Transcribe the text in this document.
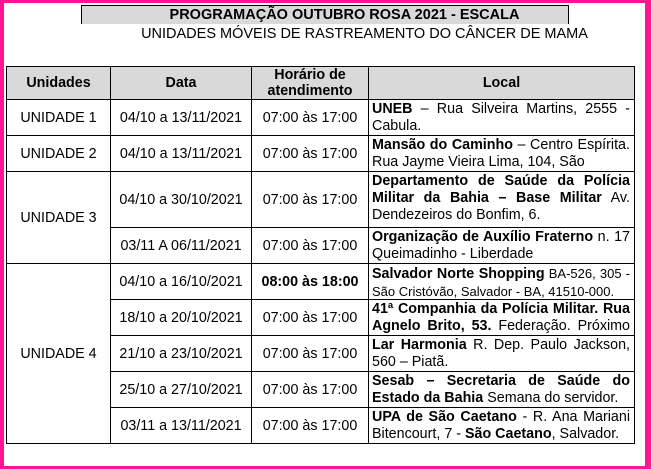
PROGRAMAÇÃO OUTUBRO ROSA 2021 - ESCALA
UNIDADES MÓVEIS DE RASTREAMENTO DO CÂNCER DE MAMA
Unidades	Data	Horário de atendimento	Local
UNIDADE 1	04/10 a 13/11/2021	07:00 às 17:00	UNEB – Rua Silveira Martins, 2555 - Cabula.

UNIDADE 2	04/10 a 13/11/2021	07:00 às 17:00	Mansão do Caminho – Centro Espírita. Rua Jayme Vieira Lima, 104, São

UNIDADE 3	04/10 a 30/10/2021	07:00 às 17:00	Departamento de Saúde da Polícia Militar da Bahia – Base Militar Av. Dendezeiros do Bonfim, 6.

	03/11 A 06/11/2021	07:00 às 17:00	Organização de Auxílio Fraterno n. 17 Queimadinho - Liberdade

UNIDADE 4	04/10 a 16/10/2021	08:00 às 18:00	Salvador Norte Shopping BA-526, 305 - São Cristóvão, Salvador - BA, 41510-000.

	18/10 a 20/10/2021	07:00 às 17:00	41ª Companhia da Polícia Militar. Rua Agnelo Brito, 53. Federação. Próximo

	21/10 a 23/10/2021	07:00 às 17:00	Lar Harmonia R. Dep. Paulo Jackson, 560 – Piatã.

	25/10 a 27/10/2021	07:00 às 17:00	Sesab – Secretaria de Saúde do Estado da Bahia Semana do servidor.

	03/11 a 13/11/2021	07:00 às 17:00	UPA de São Caetano - R. Ana Mariani Bitencourt, 7 - São Caetano, Salvador.
